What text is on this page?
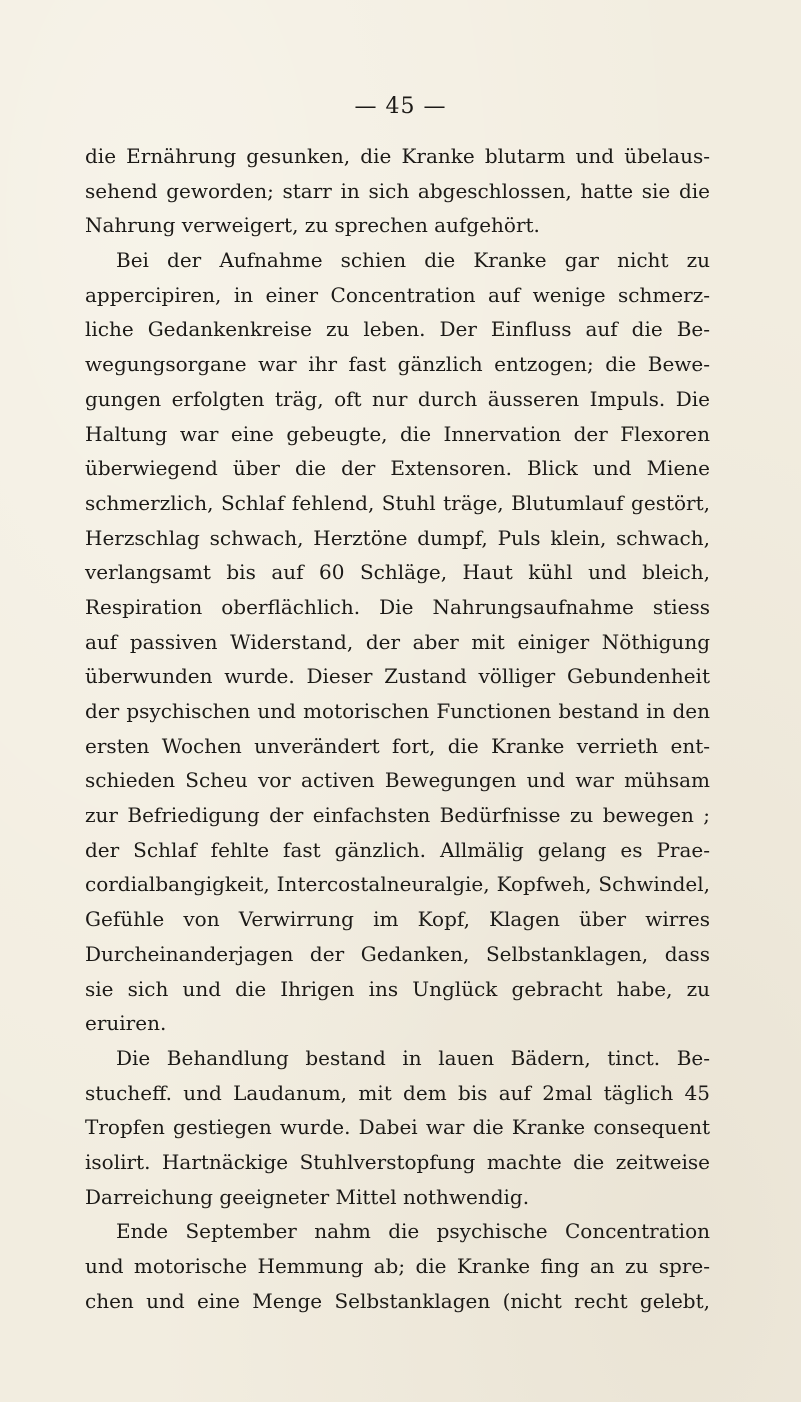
— 45 —
die Ernährung gesunken, die Kranke blutarm und übelaus-
sehend geworden; starr in sich abgeschlossen, hatte sie die
Nahrung verweigert, zu sprechen aufgehört.
Bei der Aufnahme schien die Kranke gar nicht zu
appercipiren, in einer Concentration auf wenige schmerz-
liche Gedankenkreise zu leben. Der Einfluss auf die Be-
wegungsorgane war ihr fast gänzlich entzogen; die Bewe-
gungen erfolgten träg, oft nur durch äusseren Impuls. Die
Haltung war eine gebeugte, die Innervation der Flexoren
überwiegend über die der Extensoren. Blick und Miene
schmerzlich, Schlaf fehlend, Stuhl träge, Blutumlauf gestört,
Herzschlag schwach, Herztöne dumpf, Puls klein, schwach,
verlangsamt bis auf 60 Schläge, Haut kühl und bleich,
Respiration oberflächlich. Die Nahrungsaufnahme stiess
auf passiven Widerstand, der aber mit einiger Nöthigung
überwunden wurde. Dieser Zustand völliger Gebundenheit
der psychischen und motorischen Functionen bestand in den
ersten Wochen unverändert fort, die Kranke verrieth ent-
schieden Scheu vor activen Bewegungen und war mühsam
zur Befriedigung der einfachsten Bedürfnisse zu bewegen ;
der Schlaf fehlte fast gänzlich. Allmälig gelang es Prae-
cordialbangigkeit, Intercostalneuralgie, Kopfweh, Schwindel,
Gefühle von Verwirrung im Kopf, Klagen über wirres
Durcheinanderjagen der Gedanken, Selbstanklagen, dass
sie sich und die Ihrigen ins Unglück gebracht habe, zu
eruiren.
Die Behandlung bestand in lauen Bädern, tinct. Be-
stucheff. und Laudanum, mit dem bis auf 2mal täglich 45
Tropfen gestiegen wurde. Dabei war die Kranke consequent
isolirt. Hartnäckige Stuhlverstopfung machte die zeitweise
Darreichung geeigneter Mittel nothwendig.
Ende September nahm die psychische Concentration
und motorische Hemmung ab; die Kranke fing an zu spre-
chen und eine Menge Selbstanklagen (nicht recht gelebt,
